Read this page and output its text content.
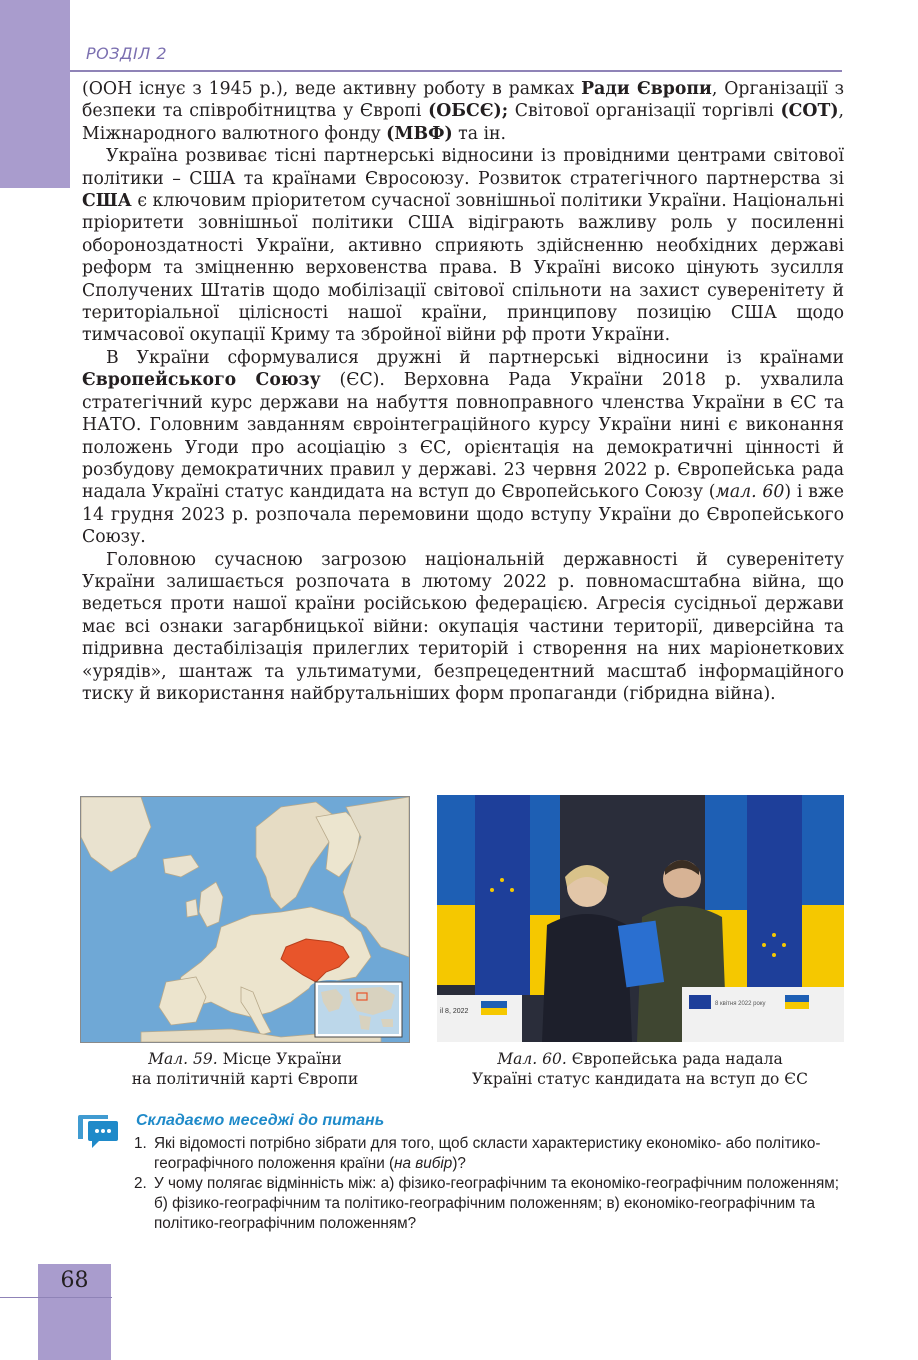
РОЗДІЛ 2

(ООН існує з 1945 р.), веде активну роботу в рамках Ради Європи, Організації з безпеки та співробітництва у Європі (ОБСЄ); Світової організації торгівлі (СОТ), Міжнародного валютного фонду (МВФ) та ін.

Україна розвиває тісні партнерські відносини із провідними центрами світової політики – США та країнами Євросоюзу. Розвиток стратегічного партнерства зі США є ключовим пріоритетом сучасної зовнішньої політики України. Національні пріоритети зовнішньої політики США відіграють важливу роль у посиленні обороноздатності України, активно сприяють здійсненню необхідних державі реформ та зміцненню верховенства права. В Україні високо цінують зусилля Сполучених Штатів щодо мобілізації світової спільноти на захист суверенітету й територіальної цілісності нашої країни, принципову позицію США щодо тимчасової окупації Криму та збройної війни рф проти України.

В України сформувалися дружні й партнерські відносини із країнами Європейського Союзу (ЄС). Верховна Рада України 2018 р. ухвалила стратегічний курс держави на набуття повноправного членства України в ЄС та НАТО. Головним завданням євроінтеграційного курсу України нині є виконання положень Угоди про асоціацію з ЄС, орієнтація на демократичні цінності й розбудову демократичних правил у державі. 23 червня 2022 р. Європейська рада надала Україні статус кандидата на вступ до Європейського Союзу (мал. 60) і вже 14 грудня 2023 р. розпочала перемовини щодо вступу України до Європейського Союзу.

Головною сучасною загрозою національній державності й суверенітету України залишається розпочата в лютому 2022 р. повномасштабна війна, що ведеться проти нашої країни російською федерацією. Агресія сусідньої держави має всі ознаки загарбницької війни: окупація частини території, диверсійна та підривна дестабілізація прилеглих територій і створення на них маріонеткових «урядів», шантаж та ультиматуми, безпрецедентний масштаб інформаційного тиску й використання найбрутальніших форм пропаганди (гібридна війна).

il 8, 2022
8 квітня 2022 року
Мал. 59. Місце України
на політичній карті Європи
Мал. 60. Європейська рада надала
Україні статус кандидата на вступ до ЄС
Складаємо меседжі до питань
1. Які відомості потрібно зібрати для того, щоб скласти характеристику економіко- або політико-географічного положення країни (на вибір)?
2. У чому полягає відмінність між: а) фізико-географічним та економіко-географічним положенням; б) фізико-географічним та політико-географічним положенням; в) економіко-географічним та політико-географічним положенням?
68
